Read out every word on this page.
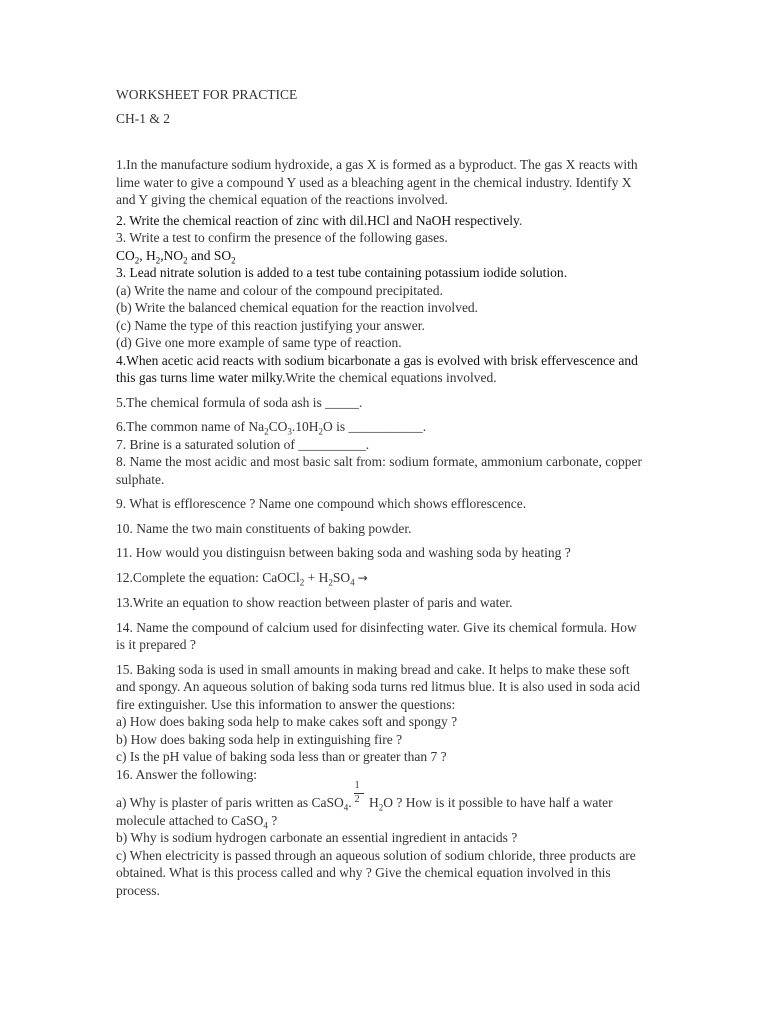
WORKSHEET FOR PRACTICE

CH-1 & 2

1.In the manufacture sodium hydroxide, a gas X is formed as a byproduct. The gas X reacts with lime water to give a compound Y used as a bleaching agent in the chemical industry. Identify X and Y giving the chemical equation of the reactions involved.

2. Write the chemical reaction of zinc with dil.HCl and NaOH respectively.

3. Write a test to confirm the presence of the following gases.

$CO_2$, $H_2,NO_2$ and $SO_2$

3. Lead nitrate solution is added to a test tube containing potassium iodide solution.

(a) Write the name and colour of the compound precipitated.

(b) Write the balanced chemical equation for the reaction involved.

(c) Name the type of this reaction justifying your answer.

(d) Give one more example of same type of reaction.

4.When acetic acid reacts with sodium bicarbonate a gas is evolved with brisk effervescence and this gas turns lime water milky.Write the chemical equations involved.

5.The chemical formula of soda ash is _____.

6.The common name of $Na_2CO_3.10H_2O$ is ___________.

7. Brine is a saturated solution of __________.

8. Name the most acidic and most basic salt from: sodium formate, ammonium carbonate, copper sulphate.

9. What is efflorescence ? Name one compound which shows efflorescence.

10. Name the two main constituents of baking powder.

11. How would you distinguisn between baking soda and washing soda by heating ?

12.Complete the equation: CaOCl$_2$ + $H_2SO_4$ →

13.Write an equation to show reaction between plaster of paris and water.

14. Name the compound of calcium used for disinfecting water. Give its chemical formula. How is it prepared ?

15. Baking soda is used in small amounts in making bread and cake. It helps to make these soft and spongy. An aqueous solution of baking soda turns red litmus blue. It is also used in soda acid fire extinguisher. Use this information to answer the questions:

a) How does baking soda help to make cakes soft and spongy ?

b) How does baking soda help in extinguishing fire ?

c) Is the pH value of baking soda less than or greater than 7 ?

16. Answer the following:

a) Why is plaster of paris written as CaSO$_4$. $\frac{1}{2} H_2O$ ? How is it possible to have half a water molecule attached to CaSO$_4$ ?

b) Why is sodium hydrogen carbonate an essential ingredient in antacids ?

c) When electricity is passed through an aqueous solution of sodium chloride, three products are obtained. What is this process called and why ? Give the chemical equation involved in this process.
